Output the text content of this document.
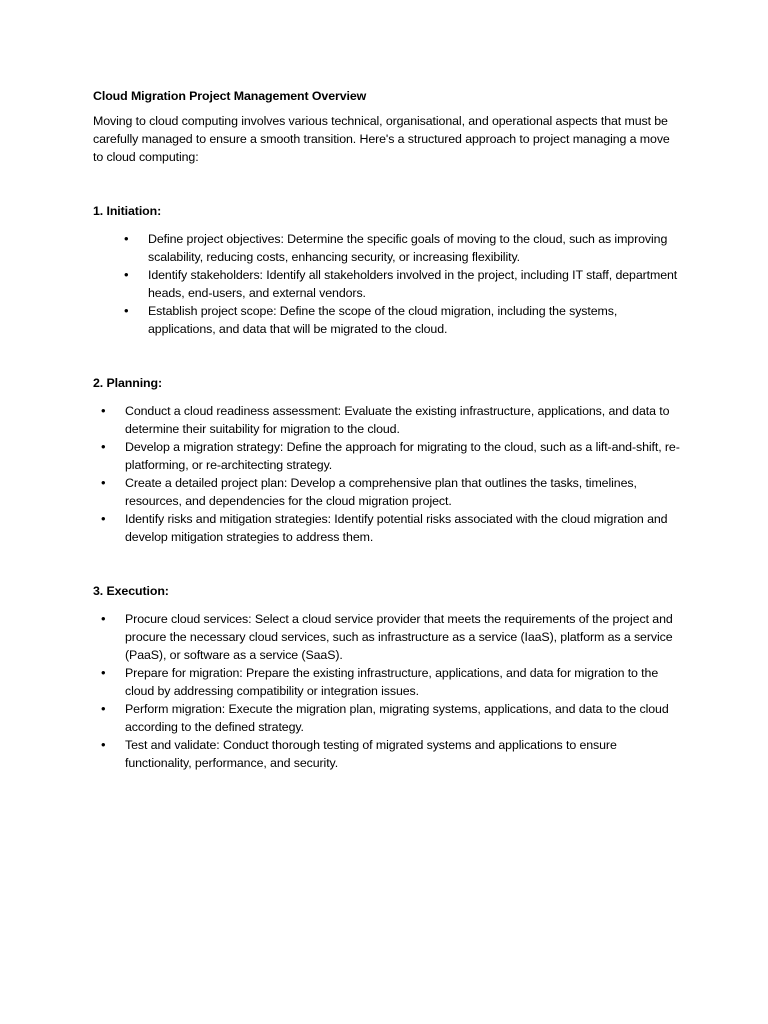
Cloud Migration Project Management Overview

Moving to cloud computing involves various technical, organisational, and operational aspects that must be carefully managed to ensure a smooth transition. Here's a structured approach to project managing a move to cloud computing:

1. Initiation:

• Define project objectives: Determine the specific goals of moving to the cloud, such as improving scalability, reducing costs, enhancing security, or increasing flexibility.
• Identify stakeholders: Identify all stakeholders involved in the project, including IT staff, department heads, end-users, and external vendors.
• Establish project scope: Define the scope of the cloud migration, including the systems, applications, and data that will be migrated to the cloud.

2. Planning:

• Conduct a cloud readiness assessment: Evaluate the existing infrastructure, applications, and data to determine their suitability for migration to the cloud.
• Develop a migration strategy: Define the approach for migrating to the cloud, such as a lift-and-shift, re-platforming, or re-architecting strategy.
• Create a detailed project plan: Develop a comprehensive plan that outlines the tasks, timelines, resources, and dependencies for the cloud migration project.
• Identify risks and mitigation strategies: Identify potential risks associated with the cloud migration and develop mitigation strategies to address them.

3. Execution:

• Procure cloud services: Select a cloud service provider that meets the requirements of the project and procure the necessary cloud services, such as infrastructure as a service (IaaS), platform as a service (PaaS), or software as a service (SaaS).
• Prepare for migration: Prepare the existing infrastructure, applications, and data for migration to the cloud by addressing compatibility or integration issues.
• Perform migration: Execute the migration plan, migrating systems, applications, and data to the cloud according to the defined strategy.
• Test and validate: Conduct thorough testing of migrated systems and applications to ensure functionality, performance, and security.
